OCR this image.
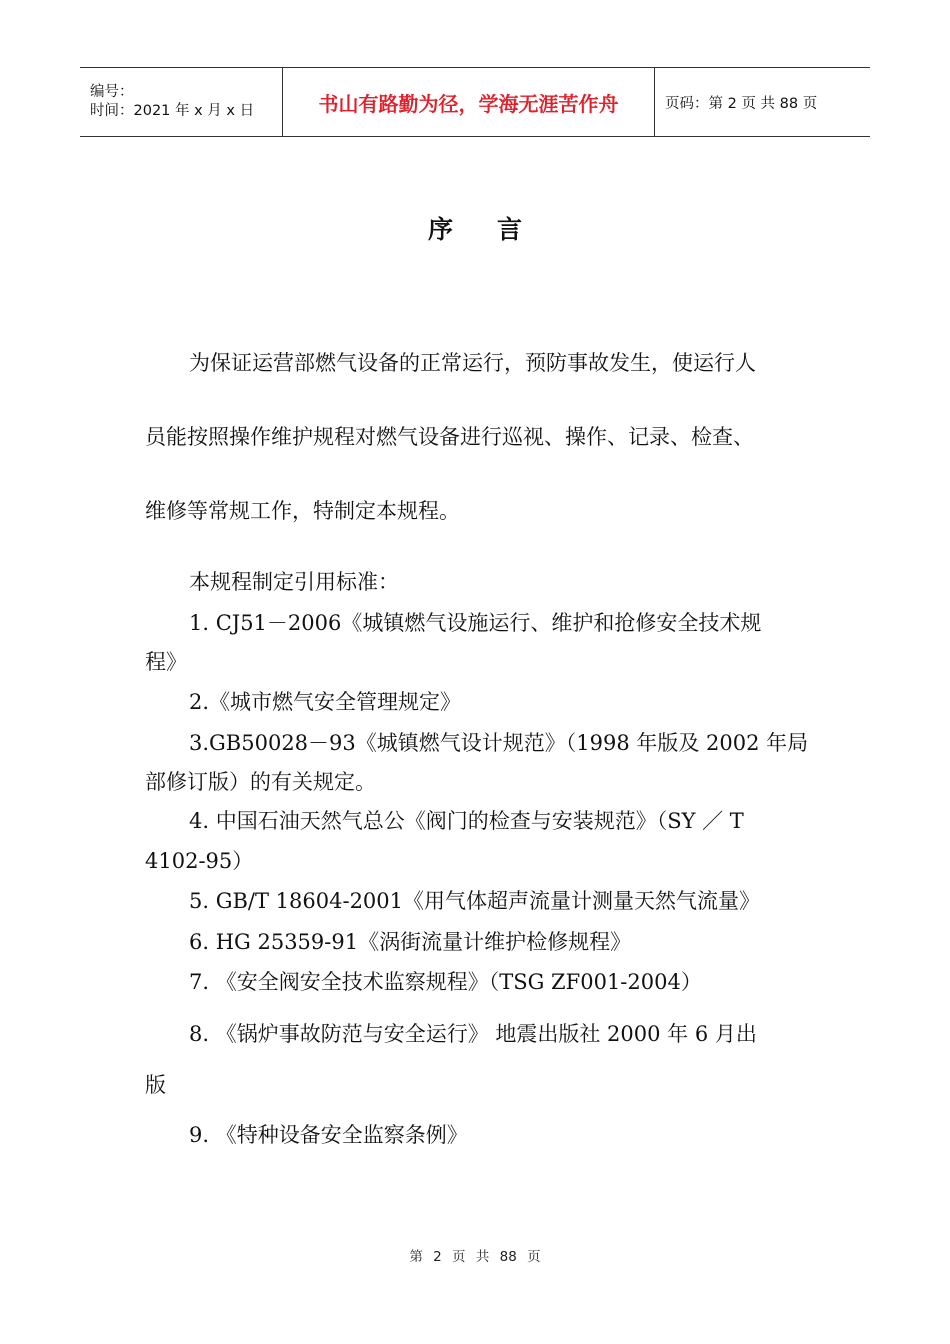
编号：
时间：2021 年 x 月 x 日	书山有路勤为径，学海无涯苦作舟	页码：第 2 页 共 88 页
序言
为保证运营部燃气设备的正常运行，预防事故发生，使运行人
员能按照操作维护规程对燃气设备进行巡视、操作、记录、检查、
维修等常规工作，特制定本规程。
本规程制定引用标准：
1. CJ51－2006《城镇燃气设施运行、维护和抢修安全技术规
程》
2.《城市燃气安全管理规定》
3.GB50028－93《城镇燃气设计规范》（1998 年版及 2002 年局
部修订版）的有关规定。
4. 中国石油天然气总公《阀门的检查与安装规范》（SY ／ T
4102-95）
5. GB/T 18604-2001《用气体超声流量计测量天然气流量》
6. HG 25359-91《涡街流量计维护检修规程》
7. 《安全阀安全技术监察规程》（TSG ZF001-2004）
8. 《锅炉事故防范与安全运行》 地震出版社 2000 年 6 月出
版
9. 《特种设备安全监察条例》
第 2 页 共 88 页
